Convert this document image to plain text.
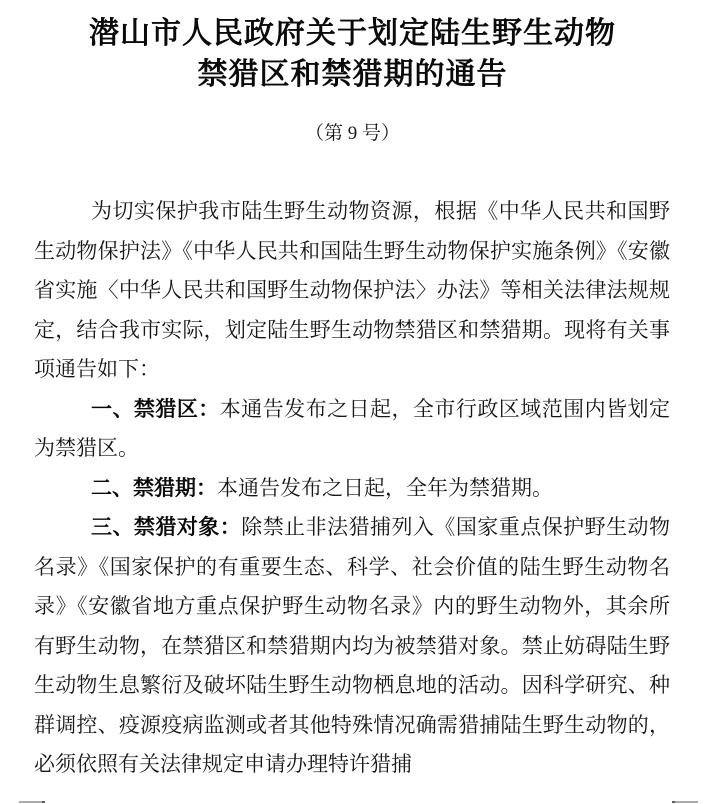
潜山市人民政府关于划定陆生野生动物
禁猎区和禁猎期的通告
（第 9 号）

为切实保护我市陆生野生动物资源，根据《中华人民共和国野生动物保护法》《中华人民共和国陆生野生动物保护实施条例》《安徽省实施〈中华人民共和国野生动物保护法〉办法》等相关法律法规规定，结合我市实际，划定陆生野生动物禁猎区和禁猎期。现将有关事项通告如下：

一、禁猎区：本通告发布之日起，全市行政区域范围内皆划定为禁猎区。

二、禁猎期：本通告发布之日起，全年为禁猎期。

三、禁猎对象：除禁止非法猎捕列入《国家重点保护野生动物名录》《国家保护的有重要生态、科学、社会价值的陆生野生动物名录》《安徽省地方重点保护野生动物名录》内的野生动物外，其余所有野生动物，在禁猎区和禁猎期内均为被禁猎对象。禁止妨碍陆生野生动物生息繁衍及破坏陆生野生动物栖息地的活动。因科学研究、种群调控、疫源疫病监测或者其他特殊情况确需猎捕陆生野生动物的，必须依照有关法律规定申请办理特许猎捕
